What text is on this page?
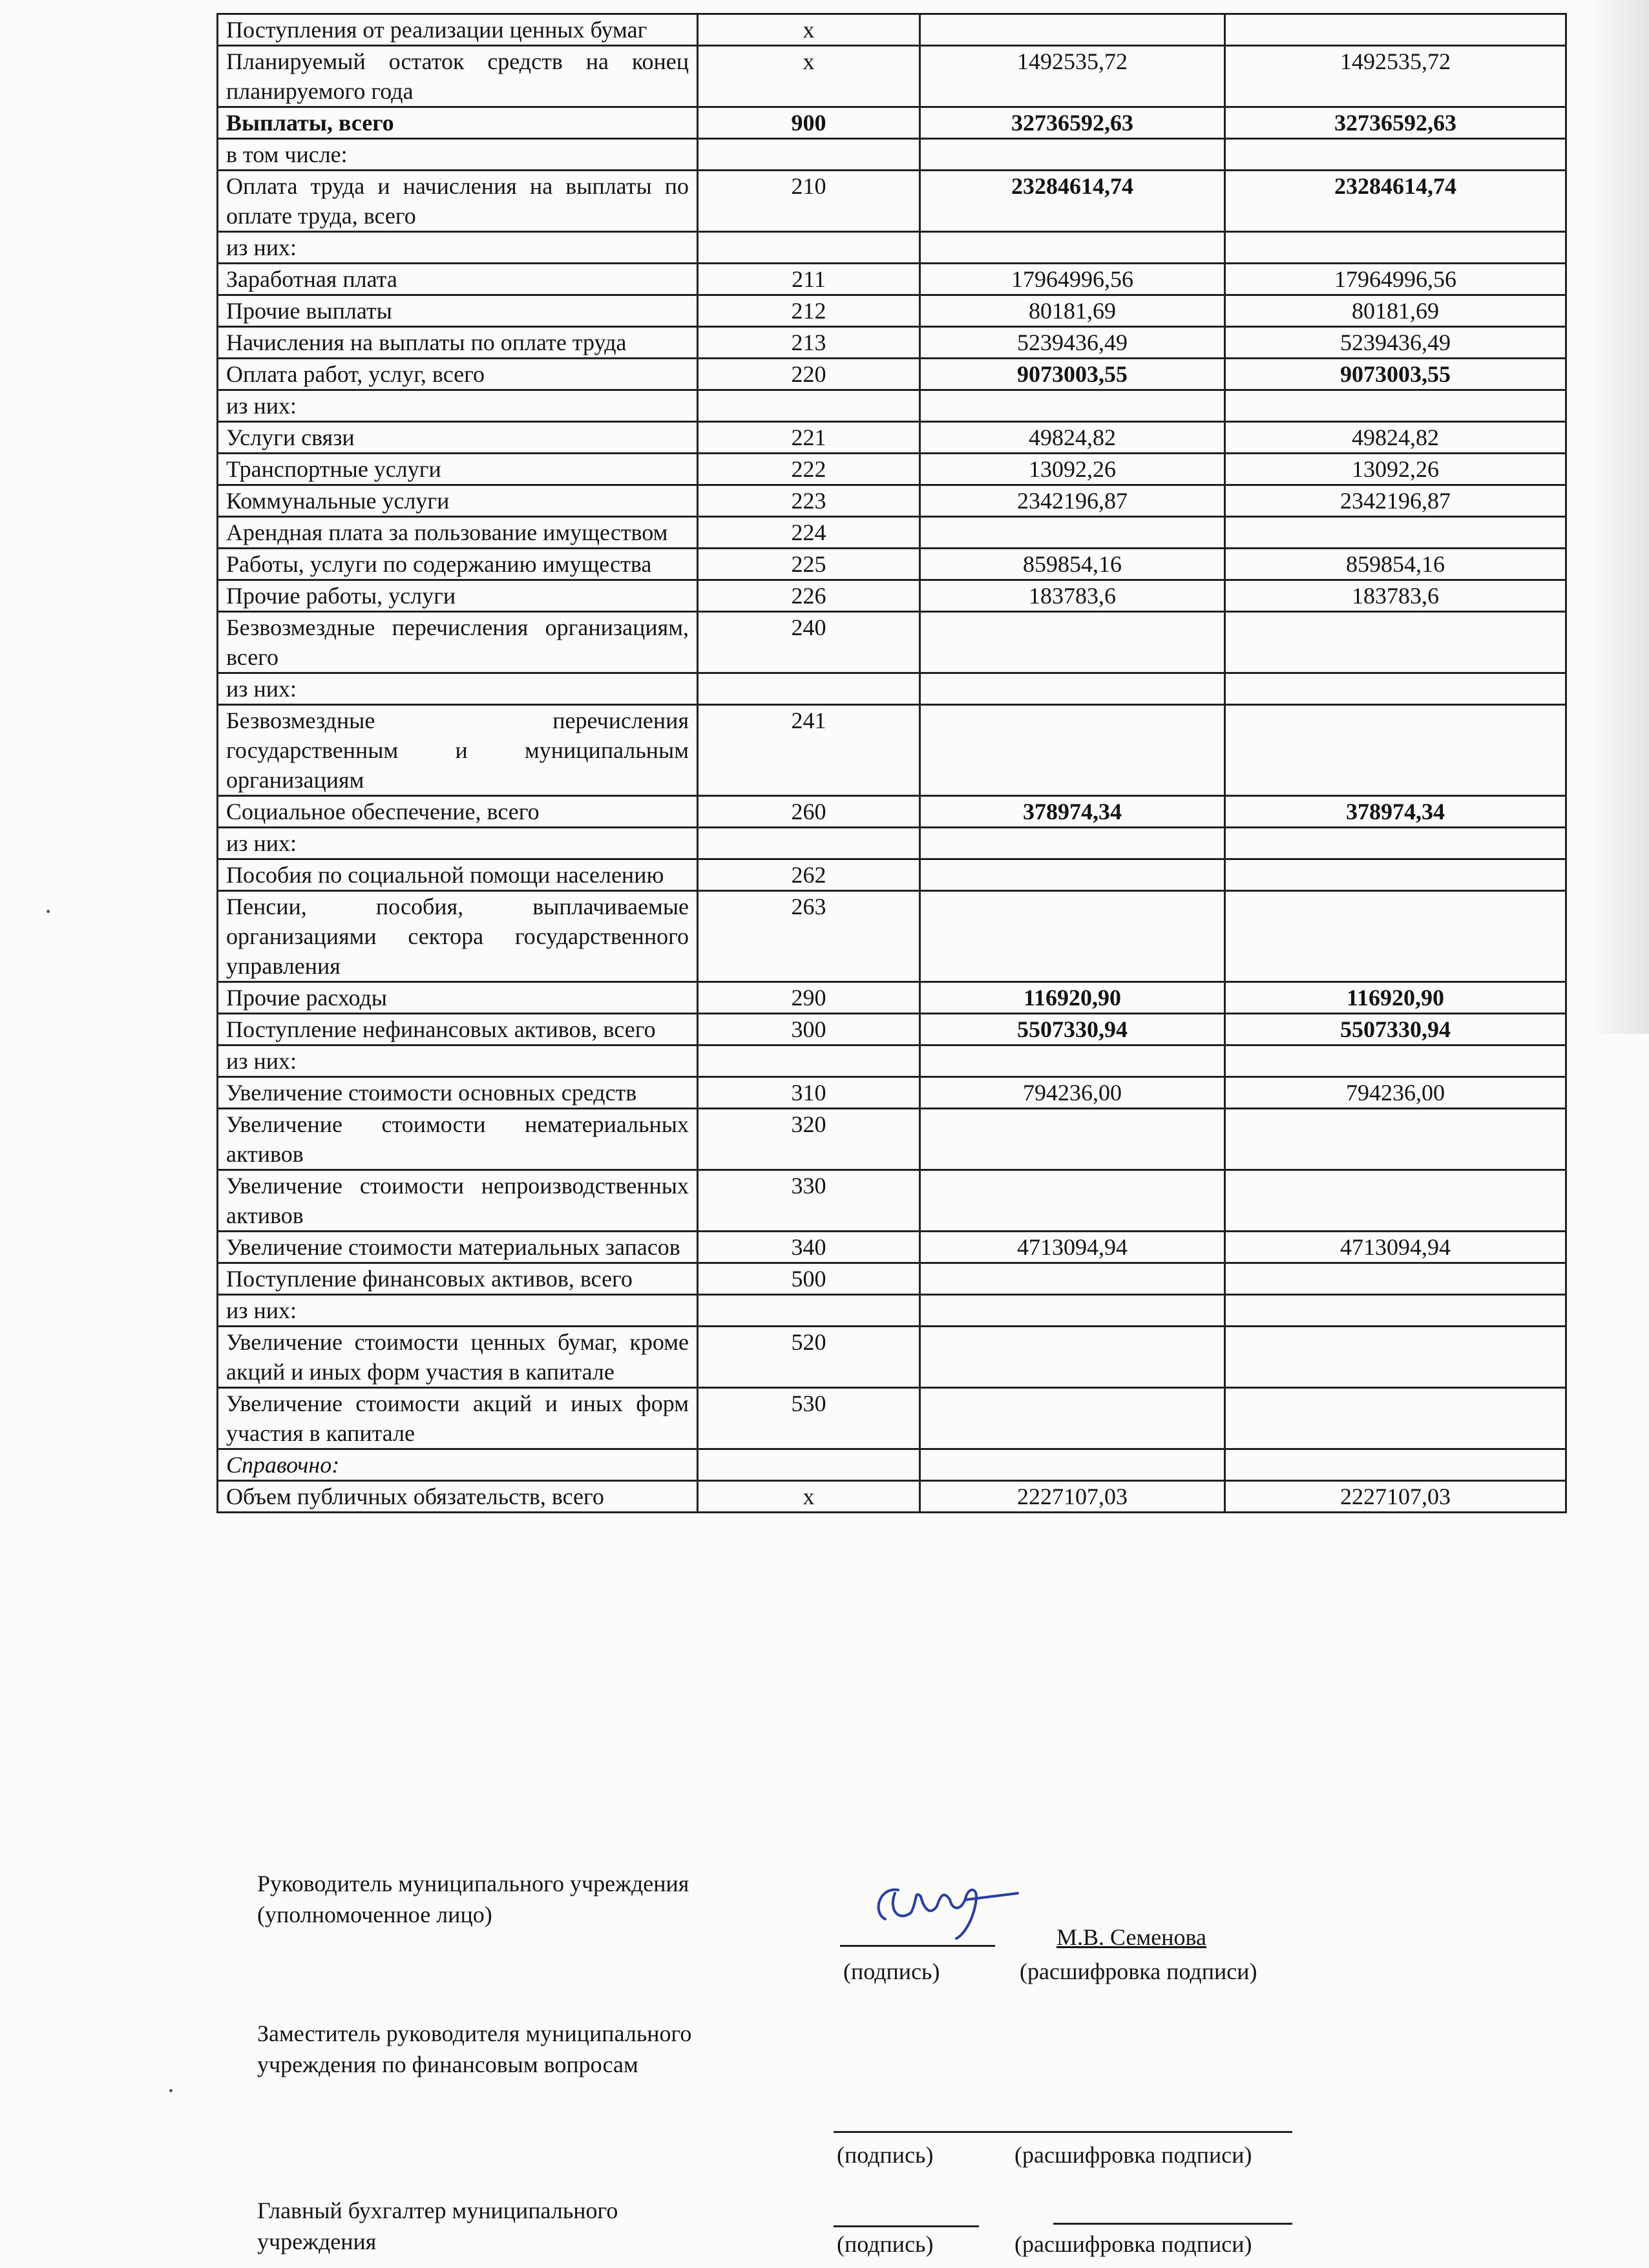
Поступления от реализации ценных бумаг	х		
Планируемый остаток средств на конец планируемого года	х	1492535,72	1492535,72
Выплаты, всего	900	32736592,63	32736592,63
в том числе:			
Оплата труда и начисления на выплаты по оплате труда, всего	210	23284614,74	23284614,74
из них:			
Заработная плата	211	17964996,56	17964996,56
Прочие выплаты	212	80181,69	80181,69
Начисления на выплаты по оплате труда	213	5239436,49	5239436,49
Оплата работ, услуг, всего	220	9073003,55	9073003,55
из них:			
Услуги связи	221	49824,82	49824,82
Транспортные услуги	222	13092,26	13092,26
Коммунальные услуги	223	2342196,87	2342196,87
Арендная плата за пользование имуществом	224		
Работы, услуги по содержанию имущества	225	859854,16	859854,16
Прочие работы, услуги	226	183783,6	183783,6
Безвозмездные перечисления организациям, всего	240		
из них:			
Безвозмездные перечисления государственным и муниципальным организациям	241		
Социальное обеспечение, всего	260	378974,34	378974,34
из них:			
Пособия по социальной помощи населению	262		
Пенсии, пособия, выплачиваемые организациями сектора государственного управления	263		
Прочие расходы	290	116920,90	116920,90
Поступление нефинансовых активов, всего	300	5507330,94	5507330,94
из них:			
Увеличение стоимости основных средств	310	794236,00	794236,00
Увеличение стоимости нематериальных активов	320		
Увеличение стоимости непроизводственных активов	330		
Увеличение стоимости материальных запасов	340	4713094,94	4713094,94
Поступление финансовых активов, всего	500		
из них:			
Увеличение стоимости ценных бумаг, кроме акций и иных форм участия в капитале	520		
Увеличение стоимости акций и иных форм участия в капитале	530		
Справочно:			
Объем публичных обязательств, всего	х	2227107,03	2227107,03
Руководитель муниципального учреждения
(уполномоченное лицо)
М.В. Семенова
(подпись)	(расшифровка подписи)
Заместитель руководителя муниципального
учреждения по финансовым вопросам
(подпись)	(расшифровка подписи)
Главный бухгалтер муниципального
учреждения	(подпись)	(расшифровка подписи)
